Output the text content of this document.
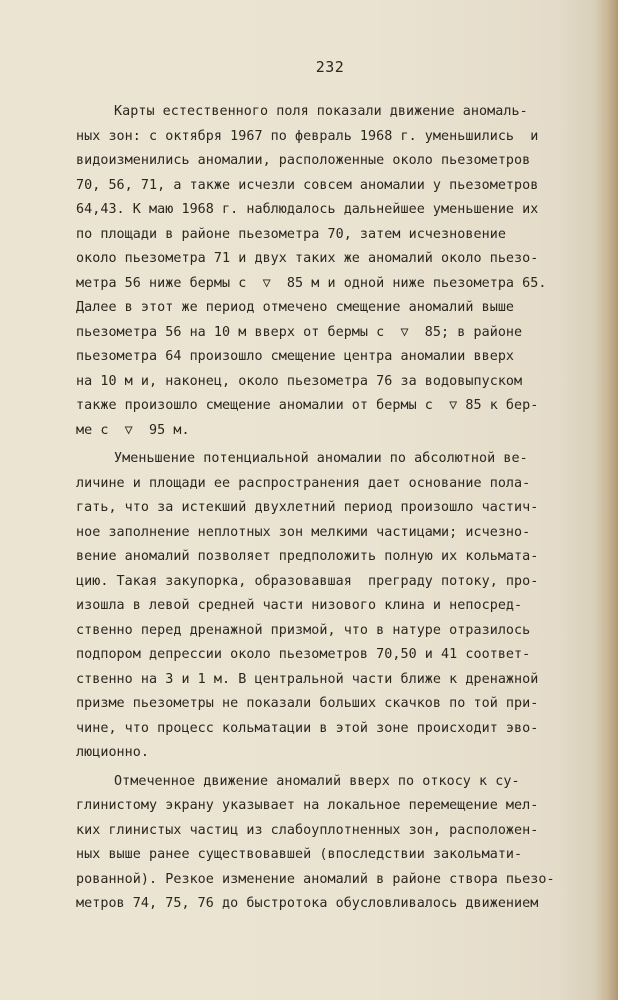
232
Карты естественного поля показали движение аномаль-
ных зон: с октября 1967 по февраль 1968 г. уменьшились  и
видоизменились аномалии, расположенные около пьезометров
70, 56, 71, а также исчезли совсем аномалии у пьезометров
64,43. К маю 1968 г. наблюдалось дальнейшее уменьшение их
по площади в районе пьезометра 70, затем исчезновение
около пьезометра 71 и двух таких же аномалий около пьезо-
метра 56 ниже бермы с  ▽  85 м и одной ниже пьезометра 65.
Далее в этот же период отмечено смещение аномалий выше
пьезометра 56 на 10 м вверх от бермы с  ▽  85; в районе
пьезометра 64 произошло смещение центра аномалии вверх
на 10 м и, наконец, около пьезометра 76 за водовыпуском
также произошло смещение аномалии от бермы с  ▽ 85 к бер-
ме с  ▽  95 м.
Уменьшение потенциальной аномалии по абсолютной ве-
личине и площади ее распространения дает основание пола-
гать, что за истекший двухлетний период произошло частич-
ное заполнение неплотных зон мелкими частицами; исчезно-
вение аномалий позволяет предположить полную их кольмата-
цию. Такая закупорка, образовавшая  преграду потоку, про-
изошла в левой средней части низового клина и непосред-
ственно перед дренажной призмой, что в натуре отразилось
подпором депрессии около пьезометров 70,50 и 41 соответ-
ственно на 3 и 1 м. В центральной части ближе к дренажной
призме пьезометры не показали больших скачков по той при-
чине, что процесс кольматации в этой зоне происходит эво-
люционно.
Отмеченное движение аномалий вверх по откосу к су-
глинистому экрану указывает на локальное перемещение мел-
ких глинистых частиц из слабоуплотненных зон, расположен-
ных выше ранее существовавшей (впоследствии закольмати-
рованной). Резкое изменение аномалий в районе створа пьезо-
метров 74, 75, 76 до быстротока обусловливалось движением
